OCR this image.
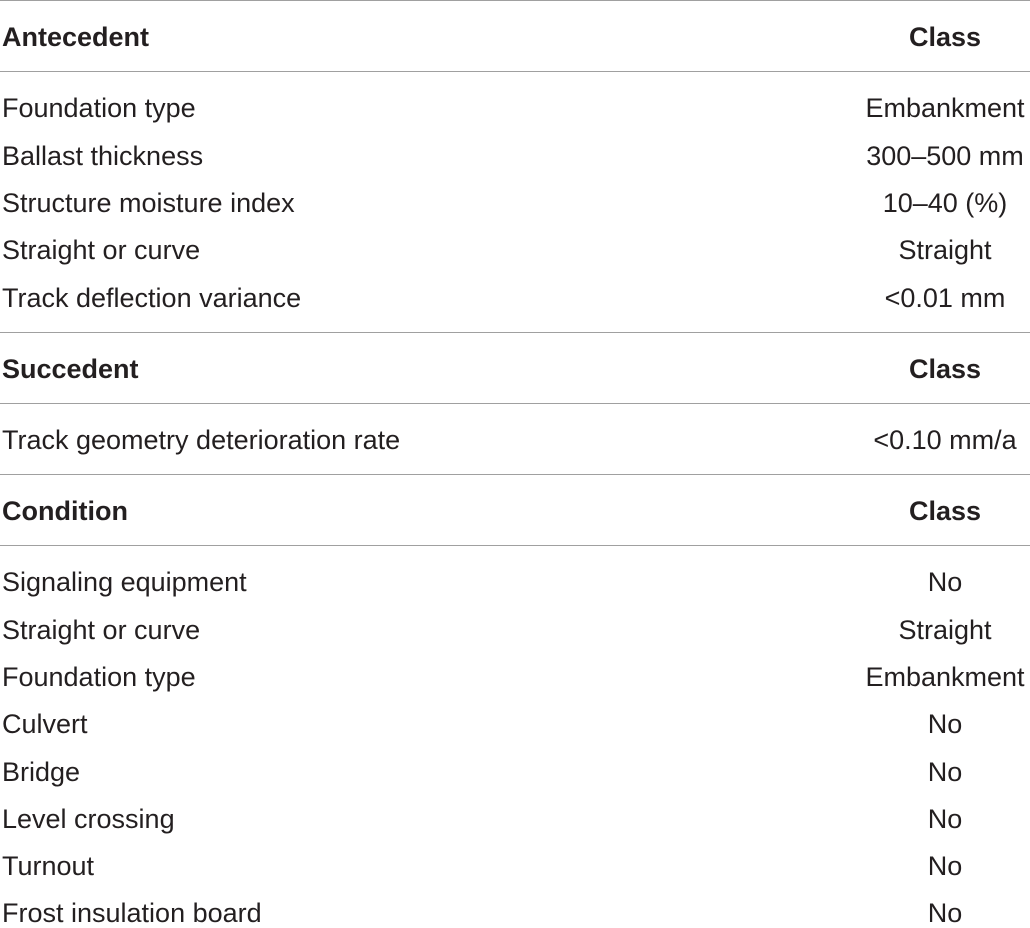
Antecedent	Class
Foundation type	Embankment
Ballast thickness	300–500 mm
Structure moisture index	10–40 (%)
Straight or curve	Straight
Track deflection variance	<0.01 mm
Succedent	Class
Track geometry deterioration rate	<0.10 mm/a
Condition	Class
Signaling equipment	No
Straight or curve	Straight
Foundation type	Embankment
Culvert	No
Bridge	No
Level crossing	No
Turnout	No
Frost insulation board	No
